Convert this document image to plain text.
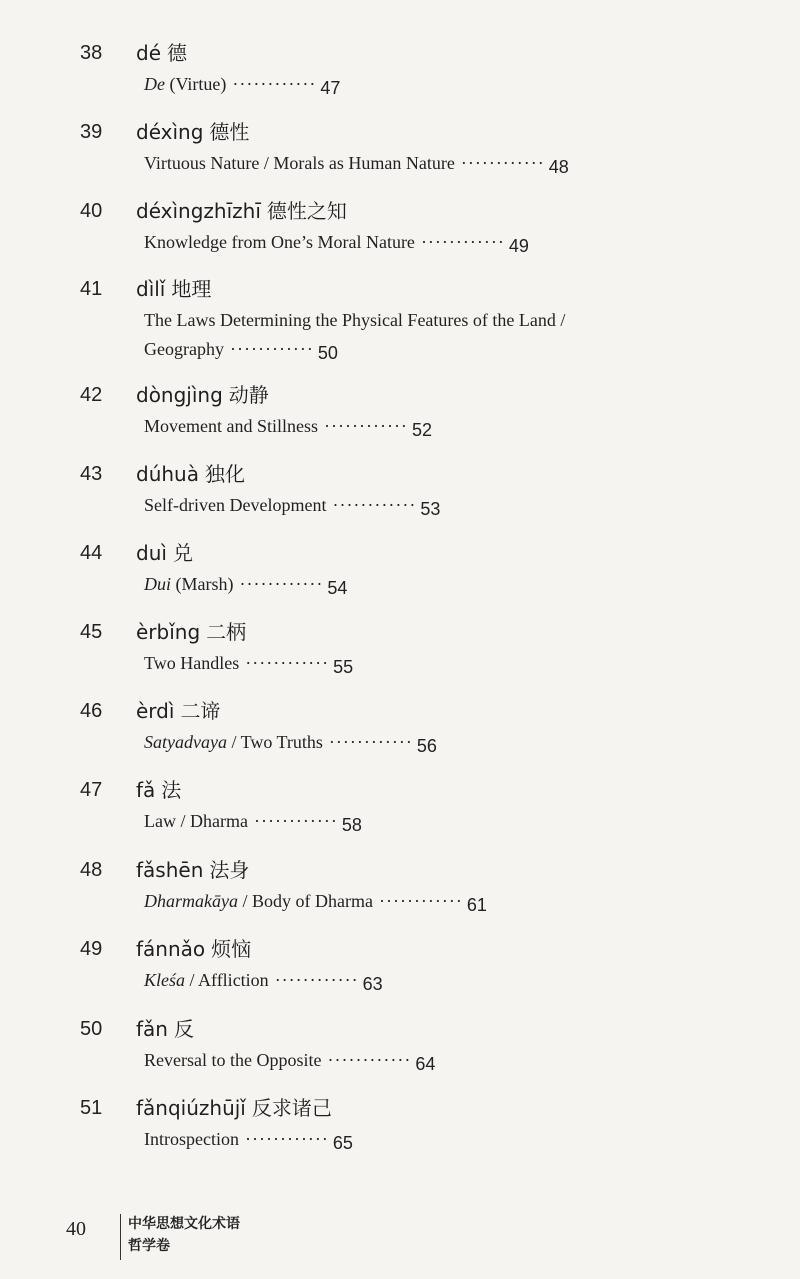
38 dé 德
De (Virtue) ············ 47
39 déxìng 德性
Virtuous Nature / Morals as Human Nature ············ 48
40 déxìngzhīzhī 德性之知
Knowledge from One’s Moral Nature ············ 49
41 dìlǐ 地理
The Laws Determining the Physical Features of the Land / Geography ············ 50
42 dòngjìng 动静
Movement and Stillness ············ 52
43 dúhuà 独化
Self-driven Development ············ 53
44 duì 兑
Dui (Marsh) ············ 54
45 èrbǐng 二柄
Two Handles ············ 55
46 èrdì 二谛
Satyadvaya / Two Truths ············ 56
47 fǎ 法
Law / Dharma ············ 58
48 fǎshēn 法身
Dharmakāya / Body of Dharma ············ 61
49 fánnǎo 烦恼
Kleśa / Affliction ············ 63
50 fǎn 反
Reversal to the Opposite ············ 64
51 fǎnqiúzhūjǐ 反求诸己
Introspection ············ 65
40	中华思想文化术语
哲学卷
